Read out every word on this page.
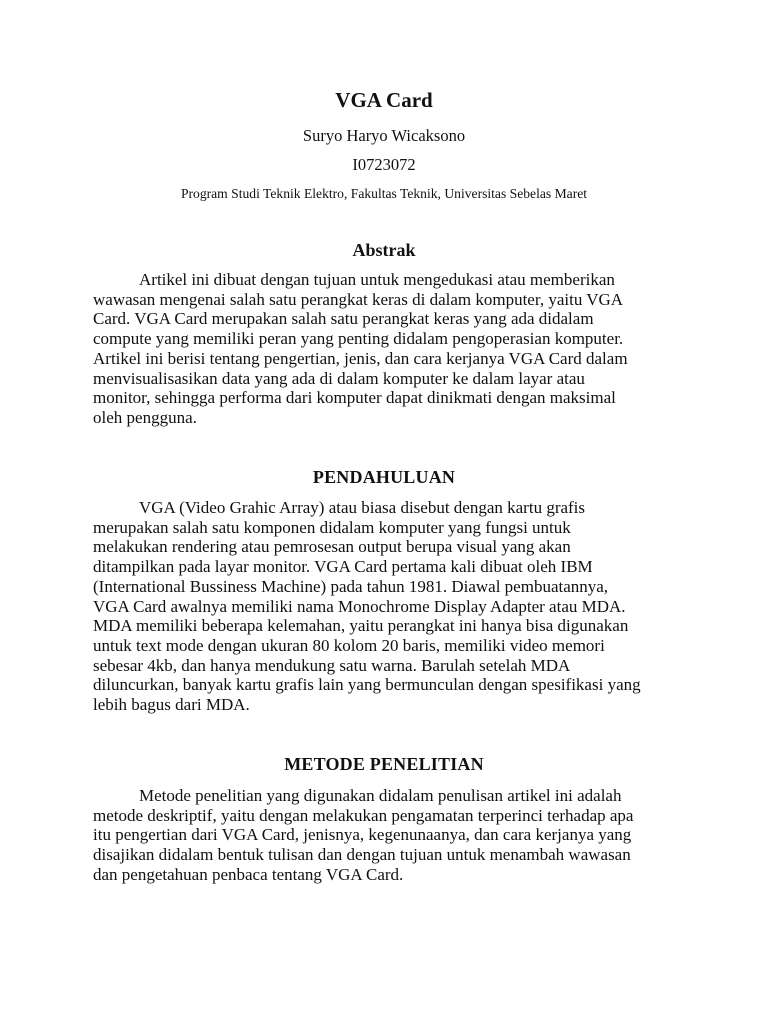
VGA Card
Suryo Haryo Wicaksono
I0723072
Program Studi Teknik Elektro, Fakultas Teknik, Universitas Sebelas Maret
Abstrak

Artikel ini dibuat dengan tujuan untuk mengedukasi atau memberikan
wawasan mengenai salah satu perangkat keras di dalam komputer, yaitu VGA
Card. VGA Card merupakan salah satu perangkat keras yang ada didalam
compute yang memiliki peran yang penting didalam pengoperasian komputer.
Artikel ini berisi tentang pengertian, jenis, dan cara kerjanya VGA Card dalam
menvisualisasikan data yang ada di dalam komputer ke dalam layar atau
monitor, sehingga performa dari komputer dapat dinikmati dengan maksimal
oleh pengguna.

PENDAHULUAN

VGA (Video Grahic Array) atau biasa disebut dengan kartu grafis
merupakan salah satu komponen didalam komputer yang fungsi untuk
melakukan rendering atau pemrosesan output berupa visual yang akan
ditampilkan pada layar monitor. VGA Card pertama kali dibuat oleh IBM
(International Bussiness Machine) pada tahun 1981. Diawal pembuatannya,
VGA Card awalnya memiliki nama Monochrome Display Adapter atau MDA.
MDA memiliki beberapa kelemahan, yaitu perangkat ini hanya bisa digunakan
untuk text mode dengan ukuran 80 kolom 20 baris, memiliki video memori
sebesar 4kb, dan hanya mendukung satu warna. Barulah setelah MDA
diluncurkan, banyak kartu grafis lain yang bermunculan dengan spesifikasi yang
lebih bagus dari MDA.

METODE PENELITIAN

Metode penelitian yang digunakan didalam penulisan artikel ini adalah
metode deskriptif, yaitu dengan melakukan pengamatan terperinci terhadap apa
itu pengertian dari VGA Card, jenisnya, kegenunaanya, dan cara kerjanya yang
disajikan didalam bentuk tulisan dan dengan tujuan untuk menambah wawasan
dan pengetahuan penbaca tentang VGA Card.
